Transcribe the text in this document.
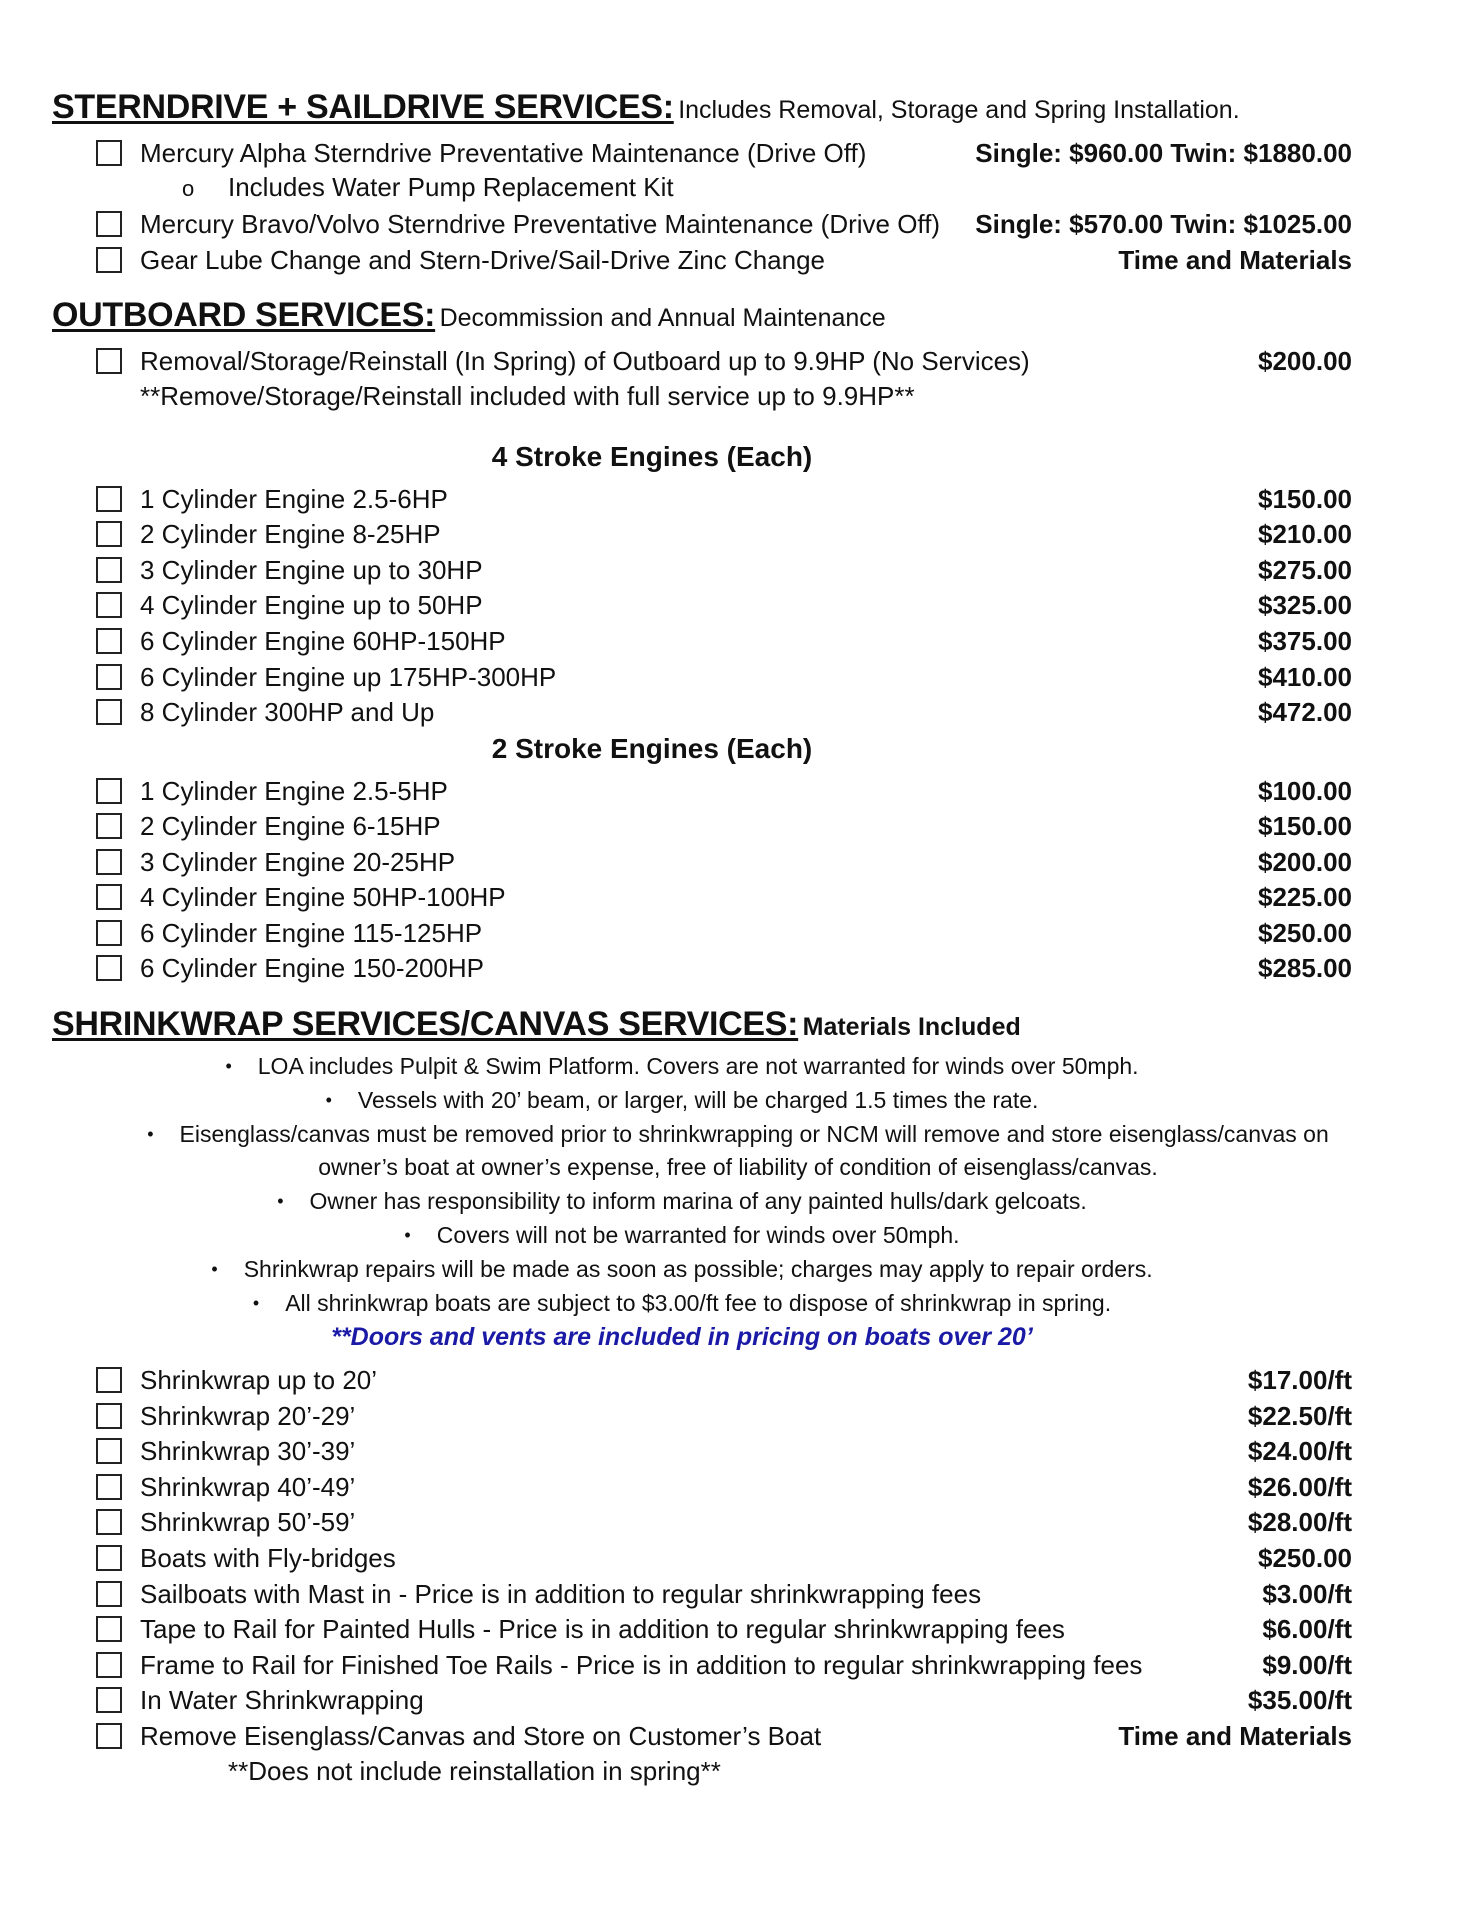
STERNDRIVE + SAILDRIVE SERVICES: Includes Removal, Storage and Spring Installation.
Mercury Alpha Sterndrive Preventative Maintenance (Drive Off)	Single: $960.00 Twin: $1880.00
o Includes Water Pump Replacement Kit
Mercury Bravo/Volvo Sterndrive Preventative Maintenance (Drive Off)	Single: $570.00 Twin: $1025.00
Gear Lube Change and Stern-Drive/Sail-Drive Zinc Change	Time and Materials
OUTBOARD SERVICES: Decommission and Annual Maintenance
Removal/Storage/Reinstall (In Spring) of Outboard up to 9.9HP (No Services)	$200.00
**Remove/Storage/Reinstall included with full service up to 9.9HP**
4 Stroke Engines (Each)
1 Cylinder Engine 2.5-6HP	$150.00
2 Cylinder Engine 8-25HP	$210.00
3 Cylinder Engine up to 30HP	$275.00
4 Cylinder Engine up to 50HP	$325.00
6 Cylinder Engine 60HP-150HP	$375.00
6 Cylinder Engine up 175HP-300HP	$410.00
8 Cylinder 300HP and Up	$472.00
2 Stroke Engines (Each)
1 Cylinder Engine 2.5-5HP	$100.00
2 Cylinder Engine 6-15HP	$150.00
3 Cylinder Engine 20-25HP	$200.00
4 Cylinder Engine 50HP-100HP	$225.00
6 Cylinder Engine 115-125HP	$250.00
6 Cylinder Engine 150-200HP	$285.00
SHRINKWRAP SERVICES/CANVAS SERVICES: Materials Included
• LOA includes Pulpit & Swim Platform. Covers are not warranted for winds over 50mph.
• Vessels with 20’ beam, or larger, will be charged 1.5 times the rate.
• Eisenglass/canvas must be removed prior to shrinkwrapping or NCM will remove and store eisenglass/canvas on
owner’s boat at owner’s expense, free of liability of condition of eisenglass/canvas.
• Owner has responsibility to inform marina of any painted hulls/dark gelcoats.
• Covers will not be warranted for winds over 50mph.
• Shrinkwrap repairs will be made as soon as possible; charges may apply to repair orders.
• All shrinkwrap boats are subject to $3.00/ft fee to dispose of shrinkwrap in spring.
**Doors and vents are included in pricing on boats over 20’
Shrinkwrap up to 20’	$17.00/ft
Shrinkwrap 20’-29’	$22.50/ft
Shrinkwrap 30’-39’	$24.00/ft
Shrinkwrap 40’-49’	$26.00/ft
Shrinkwrap 50’-59’	$28.00/ft
Boats with Fly-bridges	$250.00
Sailboats with Mast in - Price is in addition to regular shrinkwrapping fees	$3.00/ft
Tape to Rail for Painted Hulls - Price is in addition to regular shrinkwrapping fees	$6.00/ft
Frame to Rail for Finished Toe Rails - Price is in addition to regular shrinkwrapping fees	$9.00/ft
In Water Shrinkwrapping	$35.00/ft
Remove Eisenglass/Canvas and Store on Customer’s Boat	Time and Materials
**Does not include reinstallation in spring**
